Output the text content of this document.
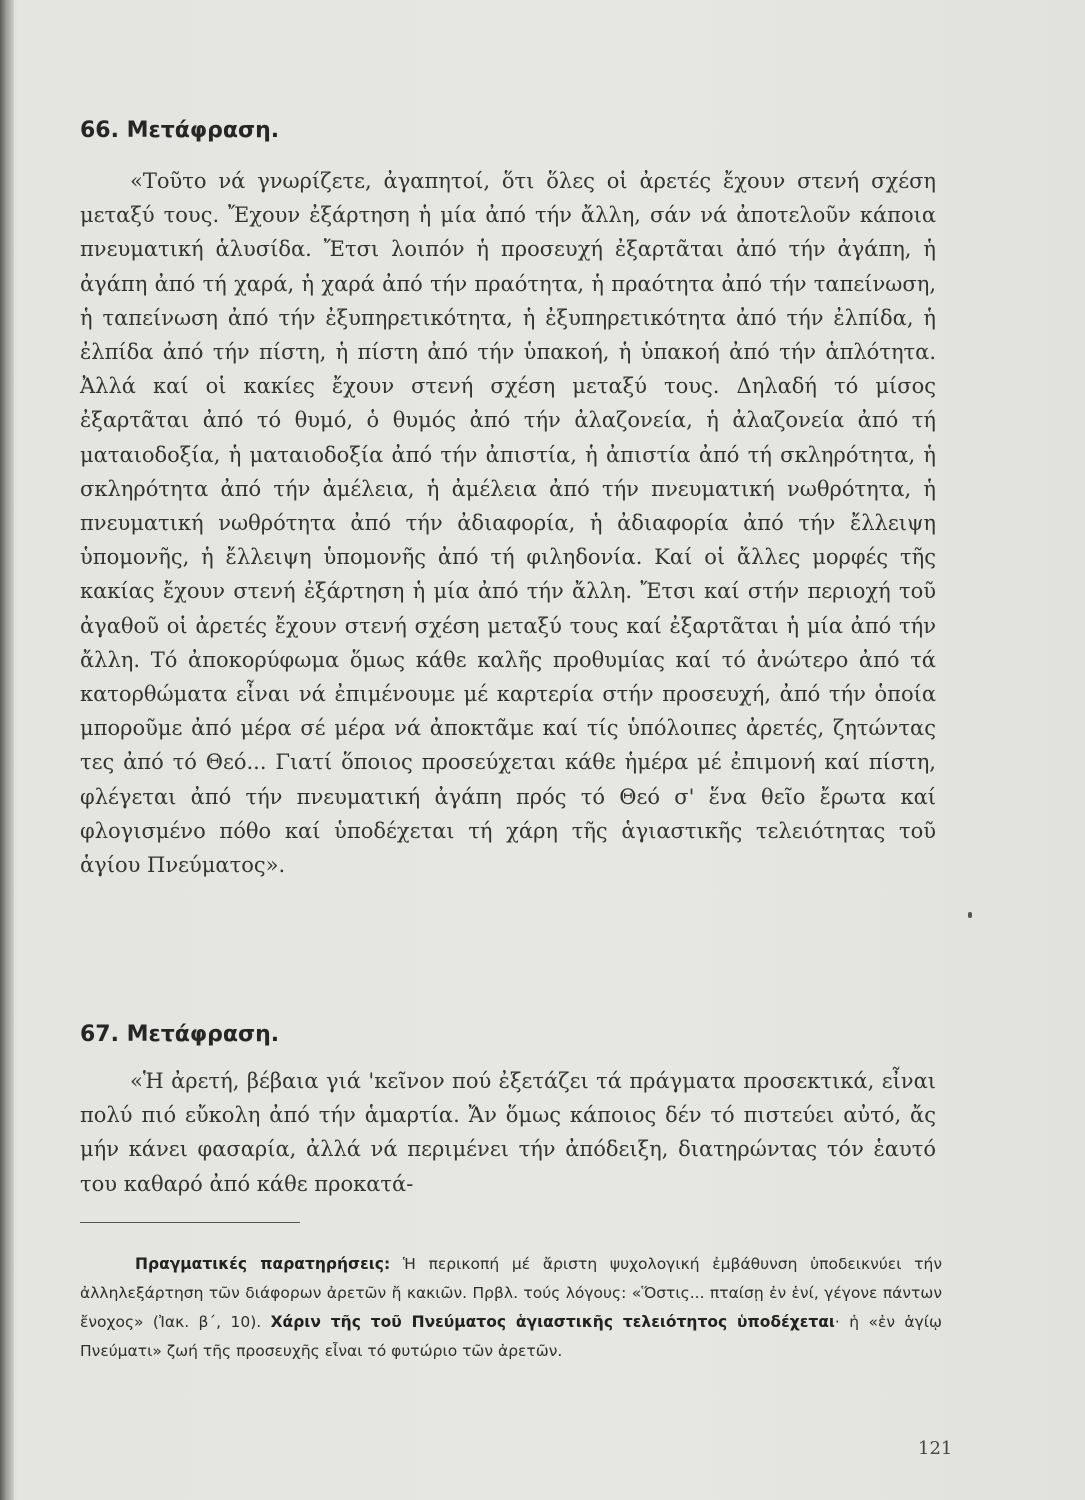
66. Μετάφραση.

«Τοῦτο νά γνωρίζετε, ἀγαπητοί, ὅτι ὅλες οἱ ἀρετές ἔχουν στενή σχέση μεταξύ τους. Ἔχουν ἐξάρτηση ἡ μία ἀπό τήν ἄλλη, σάν νά ἀποτελοῦν κάποια πνευματική ἁλυσίδα. Ἔτσι λοιπόν ἡ προσευχή ἐξαρτᾶται ἀπό τήν ἀγάπη, ἡ ἀγάπη ἀπό τή χαρά, ἡ χαρά ἀπό τήν πραότητα, ἡ πραότητα ἀπό τήν ταπείνωση, ἡ ταπείνωση ἀπό τήν ἐξυπηρετικότητα, ἡ ἐξυπηρετικότητα ἀπό τήν ἐλπίδα, ἡ ἐλπίδα ἀπό τήν πίστη, ἡ πίστη ἀπό τήν ὑπακοή, ἡ ὑπακοή ἀπό τήν ἁπλότητα. Ἀλλά καί οἱ κακίες ἔχουν στενή σχέση μεταξύ τους. Δηλαδή τό μίσος ἐξαρτᾶται ἀπό τό θυμό, ὁ θυμός ἀπό τήν ἀλαζονεία, ἡ ἀλαζονεία ἀπό τή ματαιοδοξία, ἡ ματαιοδοξία ἀπό τήν ἀπιστία, ἡ ἀπιστία ἀπό τή σκληρότητα, ἡ σκληρότητα ἀπό τήν ἀμέλεια, ἡ ἀμέλεια ἀπό τήν πνευματική νωθρότητα, ἡ πνευματική νωθρότητα ἀπό τήν ἀδιαφορία, ἡ ἀδιαφορία ἀπό τήν ἔλλειψη ὑπομονῆς, ἡ ἔλλειψη ὑπομονῆς ἀπό τή φιληδονία. Καί οἱ ἄλλες μορφές τῆς κακίας ἔχουν στενή ἐξάρτηση ἡ μία ἀπό τήν ἄλλη. Ἔτσι καί στήν περιοχή τοῦ ἀγαθοῦ οἱ ἀρετές ἔχουν στενή σχέση μεταξύ τους καί ἐξαρτᾶται ἡ μία ἀπό τήν ἄλλη. Τό ἀποκορύφωμα ὅμως κάθε καλῆς προθυμίας καί τό ἀνώτερο ἀπό τά κατορθώματα εἶναι νά ἐπιμένουμε μέ καρτερία στήν προσευχή, ἀπό τήν ὁποία μποροῦμε ἀπό μέρα σέ μέρα νά ἀποκτᾶμε καί τίς ὑπόλοιπες ἀρετές, ζητώντας τες ἀπό τό Θεό... Γιατί ὅποιος προσεύχεται κάθε ἡμέρα μέ ἐπιμονή καί πίστη, φλέγεται ἀπό τήν πνευματική ἀγάπη πρός τό Θεό σ' ἕνα θεῖο ἔρωτα καί φλογισμένο πόθο καί ὑποδέχεται τή χάρη τῆς ἁγιαστικῆς τελειότητας τοῦ ἁγίου Πνεύματος».

67. Μετάφραση.

«Ἡ ἀρετή, βέβαια γιά 'κεῖνον πού ἐξετάζει τά πράγματα προσεκτικά, εἶναι πολύ πιό εὔκολη ἀπό τήν ἁμαρτία. Ἄν ὅμως κάποιος δέν τό πιστεύει αὐτό, ἄς μήν κάνει φασαρία, ἀλλά νά περιμένει τήν ἀπόδειξη, διατηρώντας τόν ἑαυτό του καθαρό ἀπό κάθε προκατά-

Πραγματικές παρατηρήσεις: Ἡ περικοπή μέ ἄριστη ψυχολογική ἐμβάθυνση ὑποδεικνύει τήν ἀλληλεξάρτηση τῶν διάφορων ἀρετῶν ἤ κακιῶν. Πρβλ. τούς λόγους: «Ὅστις... πταίσῃ ἐν ἑνί, γέγονε πάντων ἔνοχος» (Ἰακ. β΄, 10). Χάριν τῆς τοῦ Πνεύματος ἁγιαστικῆς τελειότητος ὑποδέχεται· ἡ «ἐν ἁγίῳ Πνεύματι» ζωή τῆς προσευχῆς εἶναι τό φυτώριο τῶν ἀρετῶν.

121
